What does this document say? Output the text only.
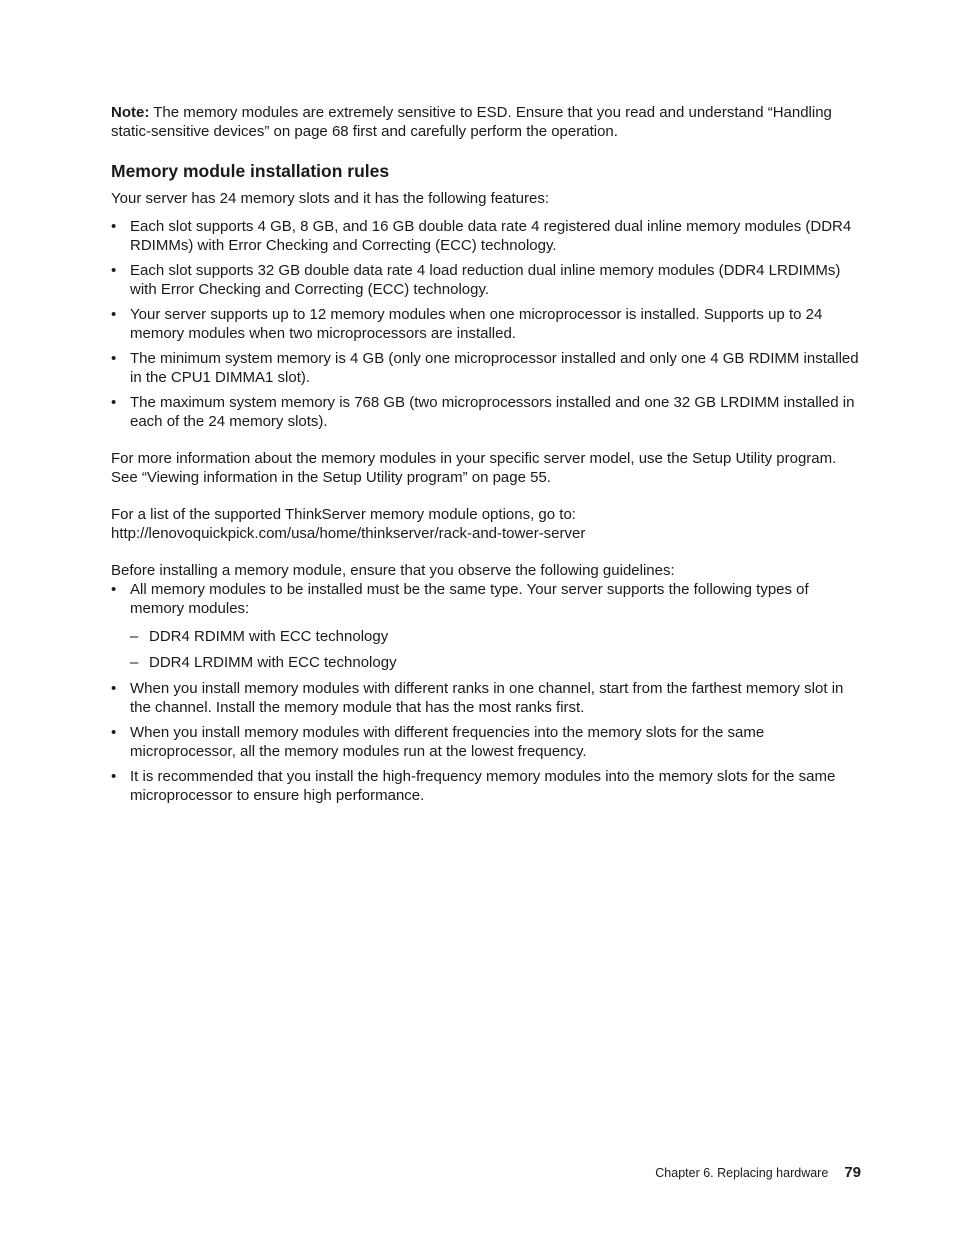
Note: The memory modules are extremely sensitive to ESD. Ensure that you read and understand “Handling static-sensitive devices” on page 68 first and carefully perform the operation.

Memory module installation rules

Your server has 24 memory slots and it has the following features:

• Each slot supports 4 GB, 8 GB, and 16 GB double data rate 4 registered dual inline memory modules (DDR4 RDIMMs) with Error Checking and Correcting (ECC) technology.
• Each slot supports 32 GB double data rate 4 load reduction dual inline memory modules (DDR4 LRDIMMs) with Error Checking and Correcting (ECC) technology.
• Your server supports up to 12 memory modules when one microprocessor is installed. Supports up to 24 memory modules when two microprocessors are installed.
• The minimum system memory is 4 GB (only one microprocessor installed and only one 4 GB RDIMM installed in the CPU1 DIMMA1 slot).
• The maximum system memory is 768 GB (two microprocessors installed and one 32 GB LRDIMM installed in each of the 24 memory slots).

For more information about the memory modules in your specific server model, use the Setup Utility program. See “Viewing information in the Setup Utility program” on page 55.

For a list of the supported ThinkServer memory module options, go to:
http://lenovoquickpick.com/usa/home/thinkserver/rack-and-tower-server

Before installing a memory module, ensure that you observe the following guidelines:

• All memory modules to be installed must be the same type. Your server supports the following types of memory modules:
– DDR4 RDIMM with ECC technology
– DDR4 LRDIMM with ECC technology
• When you install memory modules with different ranks in one channel, start from the farthest memory slot in the channel. Install the memory module that has the most ranks first.
• When you install memory modules with different frequencies into the memory slots for the same microprocessor, all the memory modules run at the lowest frequency.
• It is recommended that you install the high-frequency memory modules into the memory slots for the same microprocessor to ensure high performance.
Chapter 6. Replacing hardware 79
